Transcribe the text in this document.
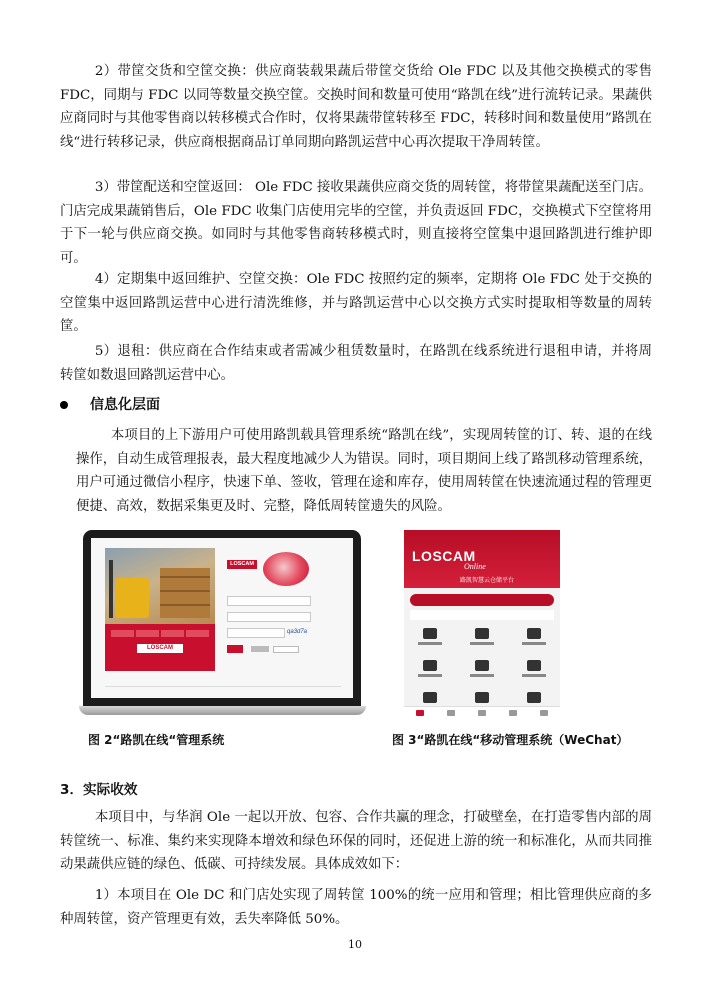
2）带筐交货和空筐交换：供应商装载果蔬后带筐交货给 Ole FDC 以及其他交换模式的零售 FDC，同期与 FDC 以同等数量交换空筐。交换时间和数量可使用“路凯在线”进行流转记录。果蔬供应商同时与其他零售商以转移模式合作时，仅将果蔬带筐转移至 FDC，转移时间和数量使用”路凯在线“进行转移记录，供应商根据商品订单同期向路凯运营中心再次提取干净周转筐。

3）带筐配送和空筐返回： Ole FDC 接收果蔬供应商交货的周转筐，将带筐果蔬配送至门店。门店完成果蔬销售后，Ole FDC 收集门店使用完毕的空筐，并负责返回 FDC，交换模式下空筐将用于下一轮与供应商交换。如同时与其他零售商转移模式时，则直接将空筐集中退回路凯进行维护即可。

4）定期集中返回维护、空筐交换：Ole FDC 按照约定的频率，定期将 Ole FDC 处于交换的空筐集中返回路凯运营中心进行清洗维修，并与路凯运营中心以交换方式实时提取相等数量的周转筐。

5）退租：供应商在合作结束或者需减少租赁数量时，在路凯在线系统进行退租申请，并将周转筐如数退回路凯运营中心。

信息化层面

本项目的上下游用户可使用路凯载具管理系统“路凯在线”，实现周转筐的订、转、退的在线操作，自动生成管理报表，最大程度地减少人为错误。同时，项目期间上线了路凯移动管理系统，用户可通过微信小程序，快速下单、签收，管理在途和库存，使用周转筐在快速流通过程的管理更便捷、高效，数据采集更及时、完整，降低周转筐遗失的风险。

LOSCAM
LOSCAM
qa3d7a
LOSCAM
Online
路凯智慧云仓储平台
图 2“路凯在线“管理系统	图 3“路凯在线“移动管理系统（WeChat）
3．实际收效

本项目中，与华润 Ole 一起以开放、包容、合作共赢的理念，打破壁垒，在打造零售内部的周转筐统一、标准、集约来实现降本增效和绿色环保的同时，还促进上游的统一和标准化，从而共同推动果蔬供应链的绿色、低碳、可持续发展。具体成效如下：

1）本项目在 Ole DC 和门店处实现了周转筐 100%的统一应用和管理；相比管理供应商的多种周转筐，资产管理更有效，丢失率降低 50%。

10
